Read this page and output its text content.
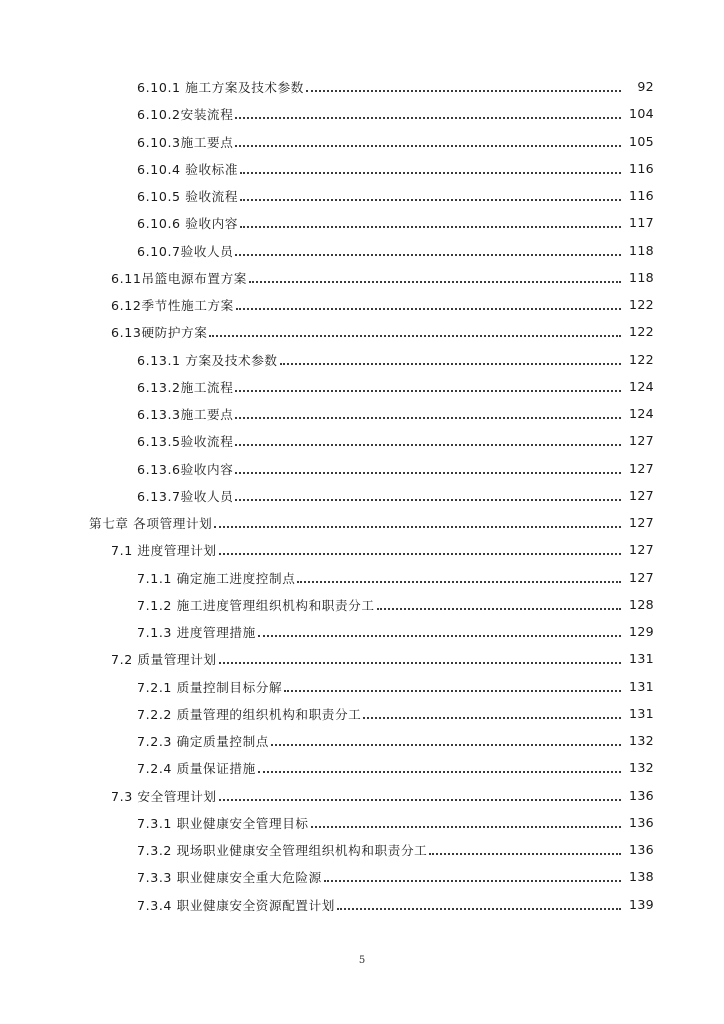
6.10.1 施工方案及技术参数	92
6.10.2安装流程	104
6.10.3施工要点	105
6.10.4 验收标准	116
6.10.5 验收流程	116
6.10.6 验收内容	117
6.10.7验收人员	118
6.11吊篮电源布置方案	118
6.12季节性施工方案	122
6.13硬防护方案	122
6.13.1 方案及技术参数	122
6.13.2施工流程	124
6.13.3施工要点	124
6.13.5验收流程	127
6.13.6验收内容	127
6.13.7验收人员	127
第七章 各项管理计划	127
7.1 进度管理计划	127
7.1.1 确定施工进度控制点	127
7.1.2 施工进度管理组织机构和职责分工	128
7.1.3 进度管理措施	129
7.2 质量管理计划	131
7.2.1 质量控制目标分解	131
7.2.2 质量管理的组织机构和职责分工	131
7.2.3 确定质量控制点	132
7.2.4 质量保证措施	132
7.3 安全管理计划	136
7.3.1 职业健康安全管理目标	136
7.3.2 现场职业健康安全管理组织机构和职责分工	136
7.3.3 职业健康安全重大危险源	138
7.3.4 职业健康安全资源配置计划	139
5
